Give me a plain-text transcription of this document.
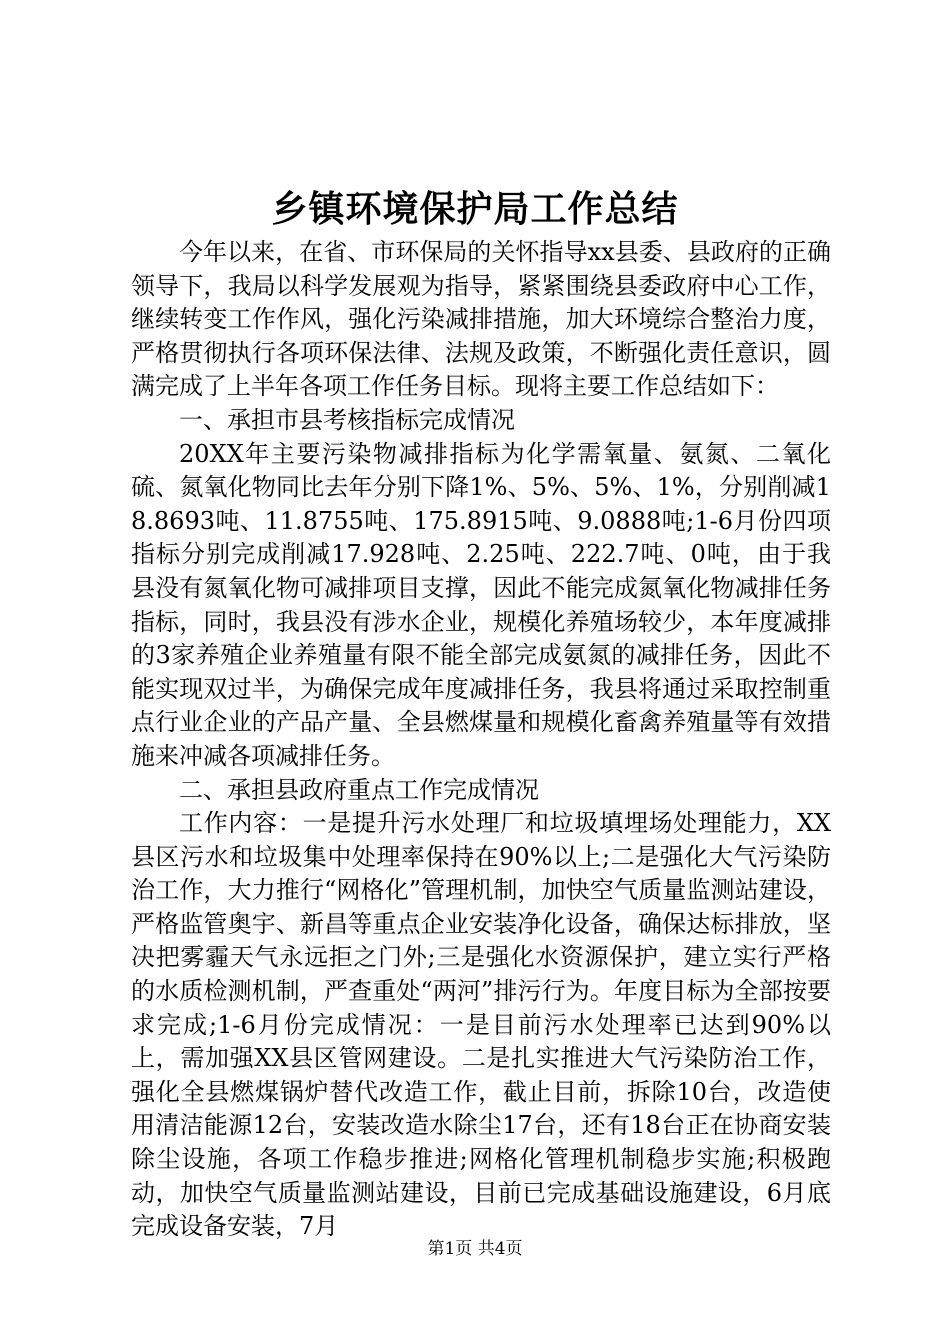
乡镇环境保护局工作总结

今年以来，在省、市环保局的关怀指导xx县委、县政府的正确领导下，我局以科学发展观为指导，紧紧围绕县委政府中心工作，继续转变工作作风，强化污染减排措施，加大环境综合整治力度，严格贯彻执行各项环保法律、法规及政策，不断强化责任意识，圆满完成了上半年各项工作任务目标。现将主要工作总结如下：

一、承担市县考核指标完成情况

20XX年主要污染物减排指标为化学需氧量、氨氮、二氧化硫、氮氧化物同比去年分别下降1%、5%、5%、1%，分别削减18.8693吨、11.8755吨、175.8915吨、9.0888吨;1-6月份四项指标分别完成削减17.928吨、2.25吨、222.7吨、0吨，由于我县没有氮氧化物可减排项目支撑，因此不能完成氮氧化物减排任务指标，同时，我县没有涉水企业，规模化养殖场较少，本年度减排的3家养殖企业养殖量有限不能全部完成氨氮的减排任务，因此不能实现双过半，为确保完成年度减排任务，我县将通过采取控制重点行业企业的产品产量、全县燃煤量和规模化畜禽养殖量等有效措施来冲减各项减排任务。

二、承担县政府重点工作完成情况

工作内容：一是提升污水处理厂和垃圾填埋场处理能力，XX县区污水和垃圾集中处理率保持在90%以上;二是强化大气污染防治工作，大力推行“网格化”管理机制，加快空气质量监测站建设，严格监管奥宇、新昌等重点企业安装净化设备，确保达标排放，坚决把雾霾天气永远拒之门外;三是强化水资源保护，建立实行严格的水质检测机制，严查重处“两河”排污行为。年度目标为全部按要求完成;1-6月份完成情况：一是目前污水处理率已达到90%以上，需加强XX县区管网建设。二是扎实推进大气污染防治工作，强化全县燃煤锅炉替代改造工作，截止目前，拆除10台，改造使用清洁能源12台，安装改造水除尘17台，还有18台正在协商安装除尘设施，各项工作稳步推进;网格化管理机制稳步实施;积极跑动，加快空气质量监测站建设，目前已完成基础设施建设，6月底完成设备安装，7月

第1页 共4页
